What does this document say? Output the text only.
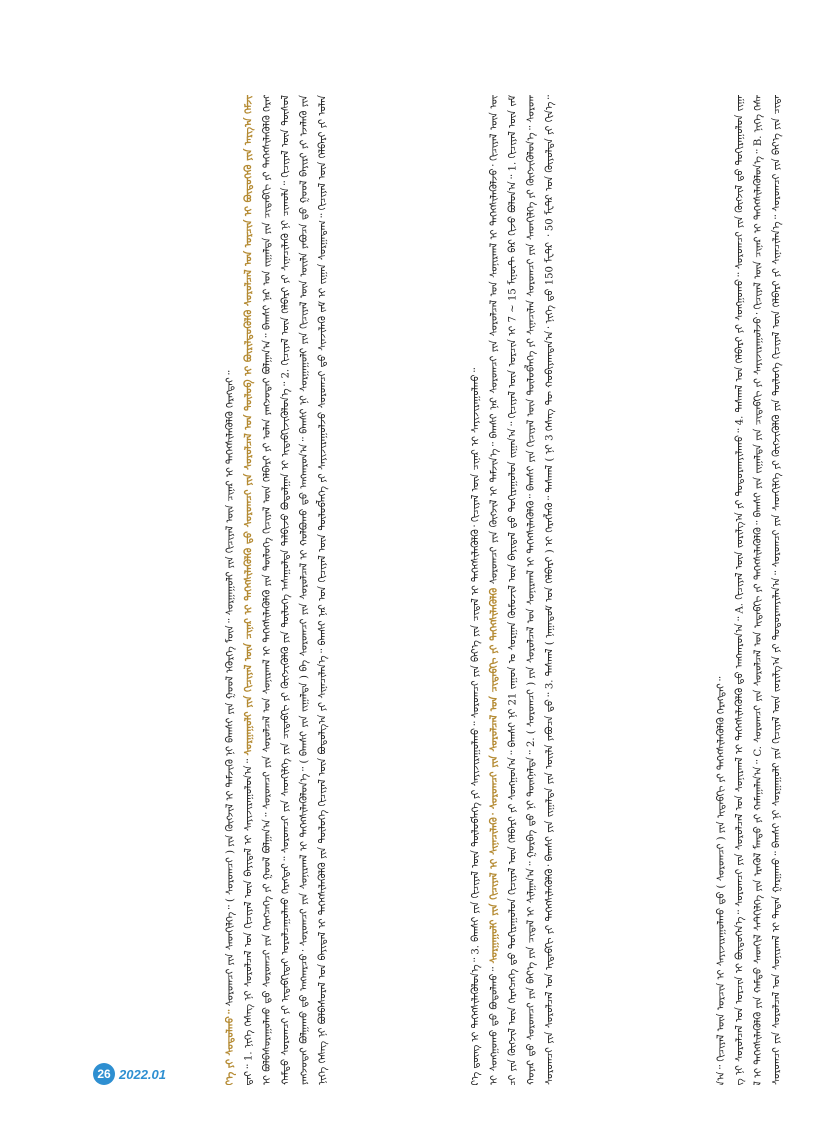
ᠰᠤᠷᠤᠭᠴᠢ ᠶᠢᠨ ᠰᠤᠷᠤᠯᠴᠠᠯ ᠤᠨ ᠰᠣᠨᠢᠷᠬᠠᠯ ᠢ ᠲᠠᠲᠠᠨ ᠭᠠᠷᠭᠠᠬᠤ᠃ ᠪᠠᠭᠰᠢ ᠨᠢ ᠰᠤᠷᠭᠠᠭᠤᠯᠢ ᠶᠢᠨ ᠬᠢᠴᠢᠶᠡᠯ ᠦᠨ ᠵᠣᠷᠢᠯᠭ᠎ᠠ ᠶᠢ ᠲᠣᠳᠤᠷᠬᠠᠶᠢᠯᠠᠨ᠎ᠠ᠃ ᠰᠤᠷᠤᠭᠴᠢ ᠶᠢᠨ ᠰᠡᠳᠬᠢᠯᠭᠡ ᠶᠢ ᠬᠥᠭᠵᠢᠭᠦᠯᠬᠦ ᠶᠢᠨ ᠲᠥᠯᠥᠭᠡ ᠬᠢᠴᠢᠶᠡᠯ ᠦᠨ ᠬᠡᠯᠪᠡᠷᠢ ᠶᠢ ᠰᠢᠨᠡᠴᠢᠯᠡᠨ᠎ᠡ᠃ ᠰᠤᠷᠤᠭᠴᠢ ᠶᠢᠨ ᠪᠡᠶ᠎ᠡ ᠶᠢᠨ ᠴᠢᠳᠠᠯ ᠢ ᠳᠡᠭᠡᠭᠰᠢᠯᠡᠭᠦᠯᠬᠦ ᠶᠢᠨ ᠬᠠᠮᠲᠤ ᠰᠡᠳᠬᠢᠯ ᠰᠡᠲᠬᠢᠯᠭᠡ ᠶᠢᠨ ᠡᠷᠡᠬᠦᠯ ᠮᠡᠨᠳᠦ ᠶᠢ ᠬᠠᠮᠠᠭᠠᠯᠠᠨ᠎ᠠ᠃ C. ᠰᠤᠷᠤᠭᠴᠢ ᠶᠢᠨ ᠰᠤᠷᠤᠯᠴᠠᠯ ᠤᠨ ᠢᠳᠡᠪᠬᠢ ᠶᠢ ᠳᠡᠭᠡᠭᠰᠢᠯᠡᠭᠦᠯᠬᠦ᠃ ᠪᠠᠭᠰᠢ ᠶᠢᠨ ᠵᠢᠭᠠᠯᠲᠠ ᠶᠢᠨ ᠴᠢᠳᠠᠪᠬᠢ ᠶᠢ ᠰᠠᠶᠢᠵᠢᠷᠠᠭᠤᠯᠵᠤ᠂ ᠬᠢᠴᠢᠶᠡᠯ ᠦᠨ ᠴᠢᠨᠠᠷ ᠢ ᠳᠡᠭᠡᠭᠰᠢᠯᠡᠭᠦᠯᠦᠨ᠎ᠡ᠃ B. ᠨᠢᠭᠡ ᠬᠡᠰᠡᠭ ᠨᠢ ᠰᠤᠷᠤᠯᠴᠠᠯ ᠤᠨ ᠣᠷᠴᠢᠨ ᠢ ᠪᠦᠲᠦᠭᠡᠨ᠎ᠡ᠃ ᠰᠤᠷᠤᠭᠴᠢ ᠶᠢᠨ ᠰᠤᠷᠤᠯᠴᠠᠯ ᠤᠨ ᠰᠣᠨᠢᠷᠬᠠᠯ ᠢ ᠳᠡᠭᠡᠭᠰᠢᠯᠡᠭᠦᠯᠬᠦ ᠳ᠋ᠤ ᠠᠩᠬᠠᠷᠤᠨ᠎ᠠ᠃ A. ᠬᠢᠴᠢᠶᠡᠯ ᠦᠨ ᠵᠣᠷᠢᠯᠭ᠎ᠠ ᠶᠢ ᠲᠣᠳᠤᠷᠬᠠᠶᠢᠯᠠᠬᠤ᠃ 4. ᠳᠠᠰᠬᠠᠯ ᠤᠨ ᠬᠡᠯᠪᠡᠷᠢ ᠶᠢ ᠰᠣᠩᠭᠣᠬᠤ᠃ ᠰᠤᠷᠤᠭᠴᠢ ᠶᠢᠨ ᠬᠥᠭᠵᠢᠯ ᠳ᠋ᠤ ᠲᠣᠬᠢᠷᠠᠭᠤᠯᠤᠨ ᠵᠢᠭᠠᠨ᠎ᠠ᠃ ᠬᠢᠴᠢᠶᠡᠯ ᠦᠨ ᠣᠷᠴᠢᠨ ᠢ ᠰᠠᠶᠢᠵᠢᠷᠠᠭᠤᠯᠬᠤ ᠳ᠋ᠤ ( ᠰᠤᠷᠤᠭᠴᠢ ) ᠶᠢᠨ ᠢᠳᠡᠪᠬᠢ ᠶᠢ ᠳᠡᠭᠡᠭᠰᠢᠯᠡᠭᠦᠯᠬᠦ ᠬᠡᠷᠡᠭᠲᠡᠢ᠃
ᠰᠤᠷᠤᠭᠴᠢ ᠶᠢᠨ ᠰᠤᠷᠤᠯᠴᠠᠯ ᠤᠨ ᠢᠳᠡᠪᠬᠢ ᠶᠢ ᠳᠡᠭᠡᠭᠰᠢᠯᠡᠭᠦᠯᠬᠦ᠂ ᠪᠠᠭᠰᠢ ᠶᠢᠨ ᠵᠢᠭᠠᠯᠲᠠ ᠶᠢᠨ ᠦᠢᠯᠡ ᠶᠠᠪᠤᠴᠠ ᠳ᠋ᠤ᠃ 3. ᠳᠠᠰᠬᠠᠯ ( ᠨᠠᠭᠠᠳᠤᠮ ᠤᠨ ᠬᠡᠯᠪᠡᠷᠢ ) ᠢ ᠬᠡᠷᠡᠭᠯᠡᠬᠦ᠃ ᠳᠠᠰᠬᠠᠯ ( ᠨᠢ 3 ᠬᠡᠰᠡᠭ ᠲᠦ ᠬᠤᠪᠢᠶᠠᠭᠳᠠᠨ᠎ᠠ᠂ ᠨᠢᠭᠡ ᠳ᠋ᠤ 150 ᠮᠧᠲ᠋ᠷ ᠂ 50 ᠮᠧᠲ᠋ᠷ ᠤᠨ ᠭᠦᠶᠦᠯᠲᠡ ᠶᠢ ᠬᠢᠨ᠎ᠡ᠃ ᠬᠣᠶᠠᠷ ᠳ᠋ᠤ ᠰᠤᠷᠤᠭᠴᠢ ᠶᠢᠨ ᠪᠡᠶ᠎ᠡ ᠶᠢᠨ ᠴᠢᠳᠠᠯ ᠢ ᠰᠢᠯᠭᠠᠨ᠎ᠠ᠃ ᠭᠤᠷᠪᠠ ᠳ᠋ᠤ ᠨᠢ ᠳᠦᠩᠨᠡᠯᠲᠡ᠃ 2. ( ᠰᠤᠷᠤᠭᠴᠢ ) ᠶᠢᠨ ᠰᠤᠷᠤᠯᠴᠠᠯ ᠤᠨ ᠰᠣᠨᠢᠷᠬᠠᠯ ᠢ ᠳᠡᠭᠡᠭᠰᠢᠯᠡᠭᠦᠯᠬᠦ᠃ ᠪᠠᠭᠰᠢ ᠶᠢᠨ ᠬᠢᠴᠢᠶᠡᠯ ᠦᠨ ᠲᠥᠯᠥᠪᠯᠡᠭᠡ ᠶᠢ ᠰᠢᠨᠡᠴᠢᠯᠡᠨ ᠰᠤᠷᠤᠭᠴᠢ ᠶᠢᠨ ᠰᠡᠳᠬᠢᠯᠭᠡ ᠶᠢ ᠬᠥᠭᠵᠢᠭᠦᠯᠦᠨ᠎ᠡ᠃ ᠰᠤᠷᠤᠭᠴᠢ ᠶᠢᠨ ᠬᠥᠭᠵᠢᠯ ᠦᠨ ᠬᠡᠷᠡᠭᠴᠡᠭᠡ ᠳ᠋ᠤ ᠲᠣᠬᠢᠷᠠᠭᠤᠯᠤᠨ ᠬᠢᠴᠢᠶᠡᠯ ᠦᠨ ᠬᠡᠯᠪᠡᠷᠢ ᠶᠢ ᠰᠣᠩᠭᠣᠨ᠎ᠠ᠃ ᠪᠠᠭᠰᠢ ᠨᠢ 21 ᠵᠠᠭᠤᠨ ᠤ ᠰᠤᠷᠭᠠᠨ ᠬᠦᠮᠦᠵᠢᠯ ᠦᠨ ᠪᠠᠶᠢᠳᠠᠯ ᠳ᠋ᠤ ᠲᠣᠬᠢᠷᠠᠭᠤᠯᠤᠨ ᠵᠢᠭᠠᠨ᠎ᠠ᠃ ᠬᠢᠴᠢᠶᠡᠯ ᠦᠨ ᠣᠷᠴᠢᠨ ᠢ 7 ~ 15 ᠮᠢᠨᠦ᠋ᠲ ᠪᠠᠷ ᠬᠢᠵᠦ ᠪᠣᠯᠤᠨ᠎ᠠ᠃ 1. ᠬᠢᠴᠢᠶᠡᠯ ᠦᠨ ᠵᠠᠮ ᠢ ᠰᠣᠩᠭᠣᠬᠤ ᠳ᠋ᠤ ᠪᠣᠳᠤᠯᠬᠤ᠃ ᠰᠤᠷᠭᠠᠭᠤᠯᠢ ᠶᠢᠨ ᠬᠢᠴᠢᠶᠡᠯ ᠢ ᠰᠢᠨᠡᠴᠢᠯᠡᠬᠦ᠂ ᠰᠤᠷᠤᠭᠴᠢ ᠶᠢᠨ ᠰᠤᠷᠤᠯᠴᠠᠯ ᠤᠨ ᠴᠢᠳᠠᠪᠬᠢ ᠶᠢ ᠳᠡᠭᠡᠭᠰᠢᠯᠡᠭᠦᠯᠬᠦ ᠰᠤᠷᠤᠭᠴᠢ ᠶᠢᠨ ᠬᠥᠭᠵᠢᠯ ᠢ ᠳᠡᠮᠵᠢᠨ᠎ᠡ᠃ ᠪᠠᠭᠰᠢ ᠨᠠᠷ ᠰᠤᠷᠤᠭᠴᠢ ᠶᠢᠨ ᠰᠤᠷᠤᠯᠴᠠᠯ ᠤᠨ ᠰᠣᠨᠢᠷᠬᠠᠯ ᠢ ᠳᠡᠭᠡᠭᠰᠢᠯᠡᠭᠦᠯᠵᠦ᠂ ᠬᠢᠴᠢᠶᠡᠯ ᠦᠨ ᠦᠷ᠎ᠡ ᠳ᠋ᠦᠩ ᠢ ᠳᠡᠭᠡᠭᠰᠢᠯᠡᠭᠦᠯᠦᠨ᠎ᠡ᠃ 3. ᠪᠠᠭᠰᠢ ᠶᠢᠨ ᠬᠢᠴᠢᠶᠡᠯ ᠦᠨ ᠲᠥᠯᠥᠪᠯᠡᠭᠡ ᠶᠢ ᠰᠠᠶᠢᠵᠢᠷᠠᠭᠤᠯᠬᠤ᠃ ᠰᠤᠷᠤᠭᠴᠢ ᠶᠢᠨ ᠪᠡᠶ᠎ᠡ ᠶᠢᠨ ᠴᠢᠳᠠᠯ ᠢ ᠳᠡᠭᠡᠭᠰᠢᠯᠡᠭᠦᠯᠬᠦ᠂ ᠬᠢᠴᠢᠶᠡᠯ ᠦᠨ ᠴᠢᠨᠠᠷ ᠢ ᠰᠠᠶᠢᠵᠢᠷᠠᠭᠤᠯᠬᠤ᠃
ᠨᠢᠭᠡ ᠬᠡᠰᠡᠭ ᠨᠢ ᠪᠣᠯᠪᠠᠰᠤᠷᠠᠯ ᠤᠨ ᠪᠠᠶᠢᠳᠠᠯ ᠢ ᠳᠡᠭᠡᠭᠰᠢᠯᠡᠭᠦᠯᠬᠦ ᠶᠢᠨ ᠲᠥᠯᠥᠭᠡ ᠬᠢᠴᠢᠶᠡᠯ ᠦᠨ ᠪᠤᠳᠤᠯᠭ᠎ᠠ ᠶᠢ ᠰᠢᠨᠡᠴᠢᠯᠡᠨ᠎ᠡ᠃ ᠪᠠᠭᠰᠢ ᠨᠠᠷ ᠤᠨ ᠬᠢᠴᠢᠶᠡᠯ ᠦᠨ ᠲᠥᠯᠥᠪᠯᠡᠭᠡ ᠶᠢ ᠰᠠᠶᠢᠵᠢᠷᠠᠭᠤᠯᠵᠤ ᠰᠤᠷᠤᠭᠴᠢ ᠳ᠋ᠤ ᠰᠢᠨᠵᠢᠯᠡᠬᠦ ᠵᠠᠮ ᠢ ᠵᠢᠭᠠᠨ ᠰᠤᠷᠭᠠᠳᠠᠭ᠃ ᠬᠢᠴᠢᠶᠡᠯ ᠦᠨ ᠬᠡᠯᠪᠡᠷᠢ ᠶᠢ ᠣᠯᠠᠨ ᠶᠠᠩᠵᠤᠳᠠᠢ ᠪᠣᠯᠭᠠᠬᠤ ᠳ᠋ᠤ ᠠᠩᠬᠠᠷᠴᠤ᠂ ᠰᠤᠷᠤᠭᠴᠢ ᠶᠢᠨ ᠰᠣᠨᠢᠷᠬᠠᠯ ᠢ ᠳᠡᠭᠡᠭᠰᠢᠯᠡᠭᠦᠯᠦᠨ᠎ᠡ᠃ ( ᠪᠠᠭᠰᠢ ᠶᠢᠨ ᠵᠢᠭᠠᠯᠲᠠ ) ᠪᠠ ᠰᠤᠷᠤᠭᠴᠢ ᠶᠢᠨ ᠰᠤᠷᠤᠯᠴᠠᠯ ᠢ ᠬᠣᠯᠪᠣᠬᠤ ᠳ᠋ᠤ ᠠᠩᠬᠠᠷᠤᠨ᠎ᠠ᠃ ᠪᠠᠭᠰᠢ ᠨᠢ ᠰᠤᠷᠭᠠᠭᠤᠯᠢ ᠶᠢᠨ ᠬᠢᠴᠢᠶᠡᠯ ᠦᠨ ᠦᠢᠯᠡ ᠶᠠᠪᠤᠴᠠ ᠳ᠋ᠤ ᠭᠣᠣᠯ ᠪᠠᠶᠢᠷᠢ ᠶᠢ ᠡᠵᠡᠯᠡᠬᠦ ᠶᠢᠨ ᠬᠠᠮᠲᠤ ᠰᠤᠷᠤᠭᠴᠢ ᠶᠢ ᠢᠳᠡᠪᠬᠢᠲᠡᠶ ᠣᠷᠤᠯᠴᠠᠭᠤᠯᠬᠤ ᠬᠡᠷᠡᠭᠲᠡᠢ᠃ ᠰᠤᠷᠤᠭᠴᠢ ᠶᠢᠨ ᠰᠡᠳᠬᠢᠯᠭᠡ ᠶᠢᠨ ᠴᠢᠳᠠᠪᠬᠢ ᠶᠢ ᠬᠥᠭᠵᠢᠭᠦᠯᠬᠦ ᠶᠢᠨ ᠲᠥᠯᠥᠭᠡ ᠠᠰᠠᠭᠤᠯᠲᠠ ᠲᠠᠯᠪᠢᠵᠤ ᠪᠣᠳᠤᠯᠭᠠᠨ ᠢ ᠢᠳᠡᠪᠬᠢᠵᠢᠭᠦᠯᠦᠨ᠎ᠡ᠃ 2. ᠬᠢᠴᠢᠶᠡᠯ ᠦᠨ ᠬᠡᠯᠪᠡᠷᠢ ᠶᠢ ᠰᠢᠨᠡᠴᠢᠯᠡᠬᠦ ᠨᠢ ᠴᠢᠬᠤᠯᠠ᠃ ᠬᠢᠴᠢᠶᠡᠯ ᠦᠨ ᠲᠥᠰᠥᠯ ᠢ ᠪᠣᠯᠪᠠᠰᠤᠷᠠᠭᠤᠯᠬᠤ ᠳ᠋ᠤ ᠰᠤᠷᠤᠭᠴᠢ ᠶᠢᠨ ᠬᠡᠷᠡᠭᠴᠡᠭᠡ ᠶᠢ ᠭᠣᠣᠯ ᠪᠣᠯᠭᠠᠨ᠎ᠠ᠃ ᠰᠤᠷᠤᠭᠴᠢ ᠶᠢᠨ ᠰᠤᠷᠤᠯᠴᠠᠯ ᠤᠨ ᠰᠣᠨᠢᠷᠬᠠᠯ ᠢ ᠳᠡᠭᠡᠭᠰᠢᠯᠡᠭᠦᠯᠬᠦ ᠶᠢᠨ ᠲᠥᠯᠥᠭᠡ ᠬᠢᠴᠢᠶᠡᠯ ᠦᠨ ᠬᠡᠯᠪᠡᠷᠢ ᠶᠢ ᠣᠯᠠᠨ ᠶᠠᠩᠵᠤᠳᠠᠢ ᠪᠣᠯᠭᠠᠨ᠎ᠠ᠃ ᠪᠠᠭᠰᠢ ᠨᠠᠷ ᠤᠨ ᠵᠢᠭᠠᠯᠲᠠ ᠶᠢᠨ ᠴᠢᠳᠠᠪᠬᠢ ᠶᠢ ᠳᠡᠭᠡᠭᠰᠢᠯᠡᠭᠦᠯᠬᠦ ᠬᠡᠷᠡᠭᠲᠡᠢ᠃ 1. ᠨᠢᠭᠡ ᠬᠡᠰᠡᠭ ᠨᠢ ᠰᠤᠷᠤᠯᠴᠠᠯ ᠤᠨ ᠬᠢᠴᠢᠶᠡᠯ ᠦᠨ ᠪᠠᠶᠢᠳᠠᠯ ᠢ ᠰᠠᠶᠢᠵᠢᠷᠠᠭᠤᠯᠤᠨ᠎ᠠ᠃ ᠰᠤᠷᠭᠠᠭᠤᠯᠢ ᠶᠢᠨ ᠬᠢᠴᠢᠶᠡᠯ ᠦᠨ ᠴᠢᠨᠠᠷ ᠢ ᠳᠡᠭᠡᠭᠰᠢᠯᠡᠭᠦᠯᠬᠦ ᠳ᠋ᠤ ᠰᠤᠷᠤᠭᠴᠢ ᠶᠢᠨ ᠰᠤᠷᠤᠯᠴᠠᠯ ᠤᠨ ᠲᠥᠯᠥᠪ ᠢ ᠪᠦᠷᠢᠯᠳᠦᠭᠦᠯᠬᠦ ᠰᠤᠷᠤᠯᠴᠠᠯ ᠤᠨ ᠣᠷᠴᠢᠨ ᠢ ᠪᠦᠲᠦᠭᠡᠬᠦ ᠶᠢᠨ ᠠᠷᠭ᠎ᠠ ᠬᠡᠮᠵᠢᠶ᠎ᠡ ᠶᠢ ᠰᠤᠳᠤᠯᠬᠤ᠃ ᠰᠤᠷᠤᠭᠴᠢ ᠶᠢᠨ ᠰᠡᠳᠬᠢᠯᠭᠡ᠃ ( ᠰᠤᠷᠤᠭᠴᠢ ) ᠶᠢᠨ ᠬᠥᠭᠵᠢᠯ ᠢ ᠳᠡᠮᠵᠢᠬᠦ ᠨᠢ ᠪᠠᠭᠰᠢ ᠶᠢᠨ ᠭᠣᠣᠯ ᠡᠭᠦᠷᠭᠡ ᠮᠥᠨ᠃ ᠰᠤᠷᠭᠠᠭᠤᠯᠢ ᠶᠢᠨ ᠬᠢᠴᠢᠶᠡᠯ ᠦᠨ ᠴᠢᠨᠠᠷ ᠢ ᠳᠡᠭᠡᠭᠰᠢᠯᠡᠭᠦᠯᠬᠦ ᠬᠡᠷᠡᠭᠲᠡᠢ᠃
26 2022.01
